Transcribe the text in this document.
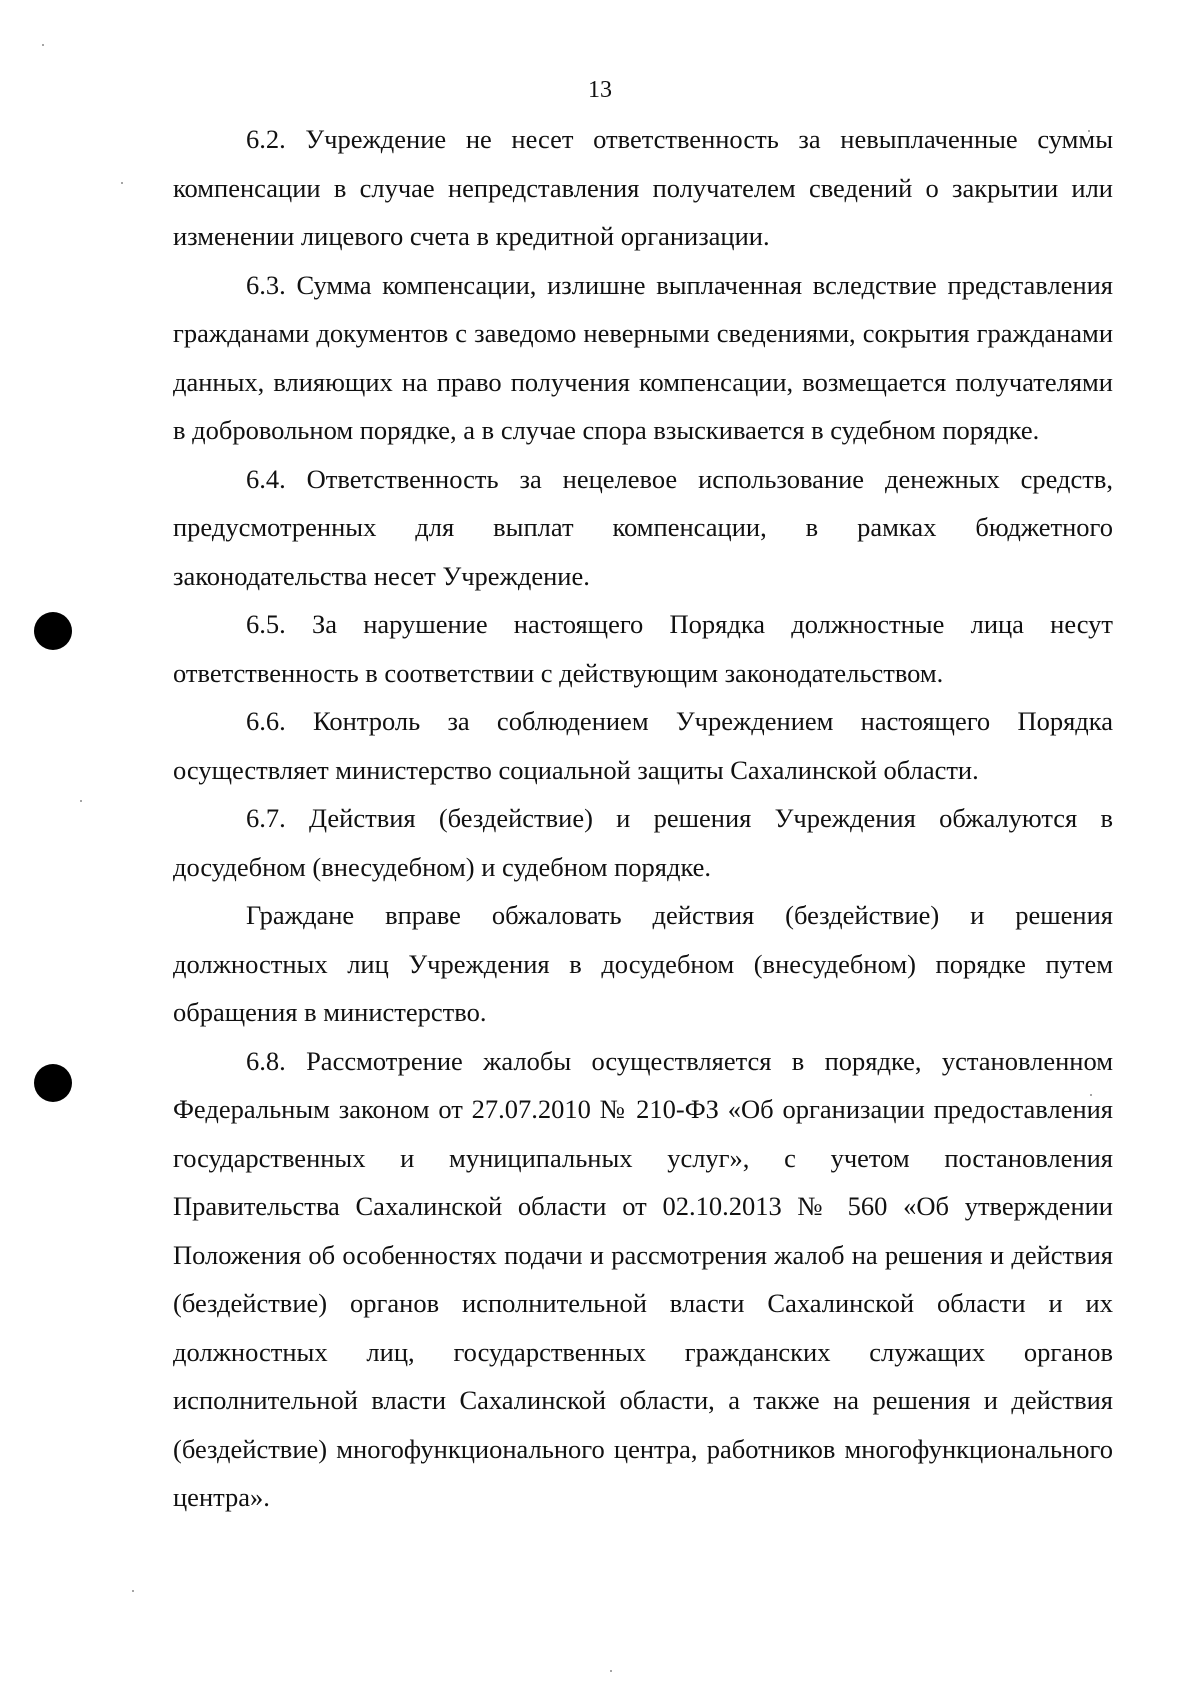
13

6.2. Учреждение не несет ответственность за невыплаченные суммы компенсации в случае непредставления получателем сведений о закрытии или изменении лицевого счета в кредитной организации.

6.3. Сумма компенсации, излишне выплаченная вследствие представления гражданами документов с заведомо неверными сведениями, сокрытия гражданами данных, влияющих на право получения компенсации, возмещается получателями в добровольном порядке, а в случае спора взыскивается в судебном порядке.

6.4. Ответственность за нецелевое использование денежных средств, предусмотренных для выплат компенсации, в рамках бюджетного законодательства несет Учреждение.

6.5. За нарушение настоящего Порядка должностные лица несут ответственность в соответствии с действующим законодательством.

6.6. Контроль за соблюдением Учреждением настоящего Порядка осуществляет министерство социальной защиты Сахалинской области.

6.7. Действия (бездействие) и решения Учреждения обжалуются в досудебном (внесудебном) и судебном порядке.

Граждане вправе обжаловать действия (бездействие) и решения должностных лиц Учреждения в досудебном (внесудебном) порядке путем обращения в министерство.

6.8. Рассмотрение жалобы осуществляется в порядке, установленном Федеральным законом от 27.07.2010 № 210-ФЗ «Об организации предоставления государственных и муниципальных услуг», с учетом постановления Правительства Сахалинской области от 02.10.2013 № 560 «Об утверждении Положения об особенностях подачи и рассмотрения жалоб на решения и действия (бездействие) органов исполнительной власти Сахалинской области и их должностных лиц, государственных гражданских служащих органов исполнительной власти Сахалинской области, а также на решения и действия (бездействие) многофункционального центра, работников многофункционального центра».
